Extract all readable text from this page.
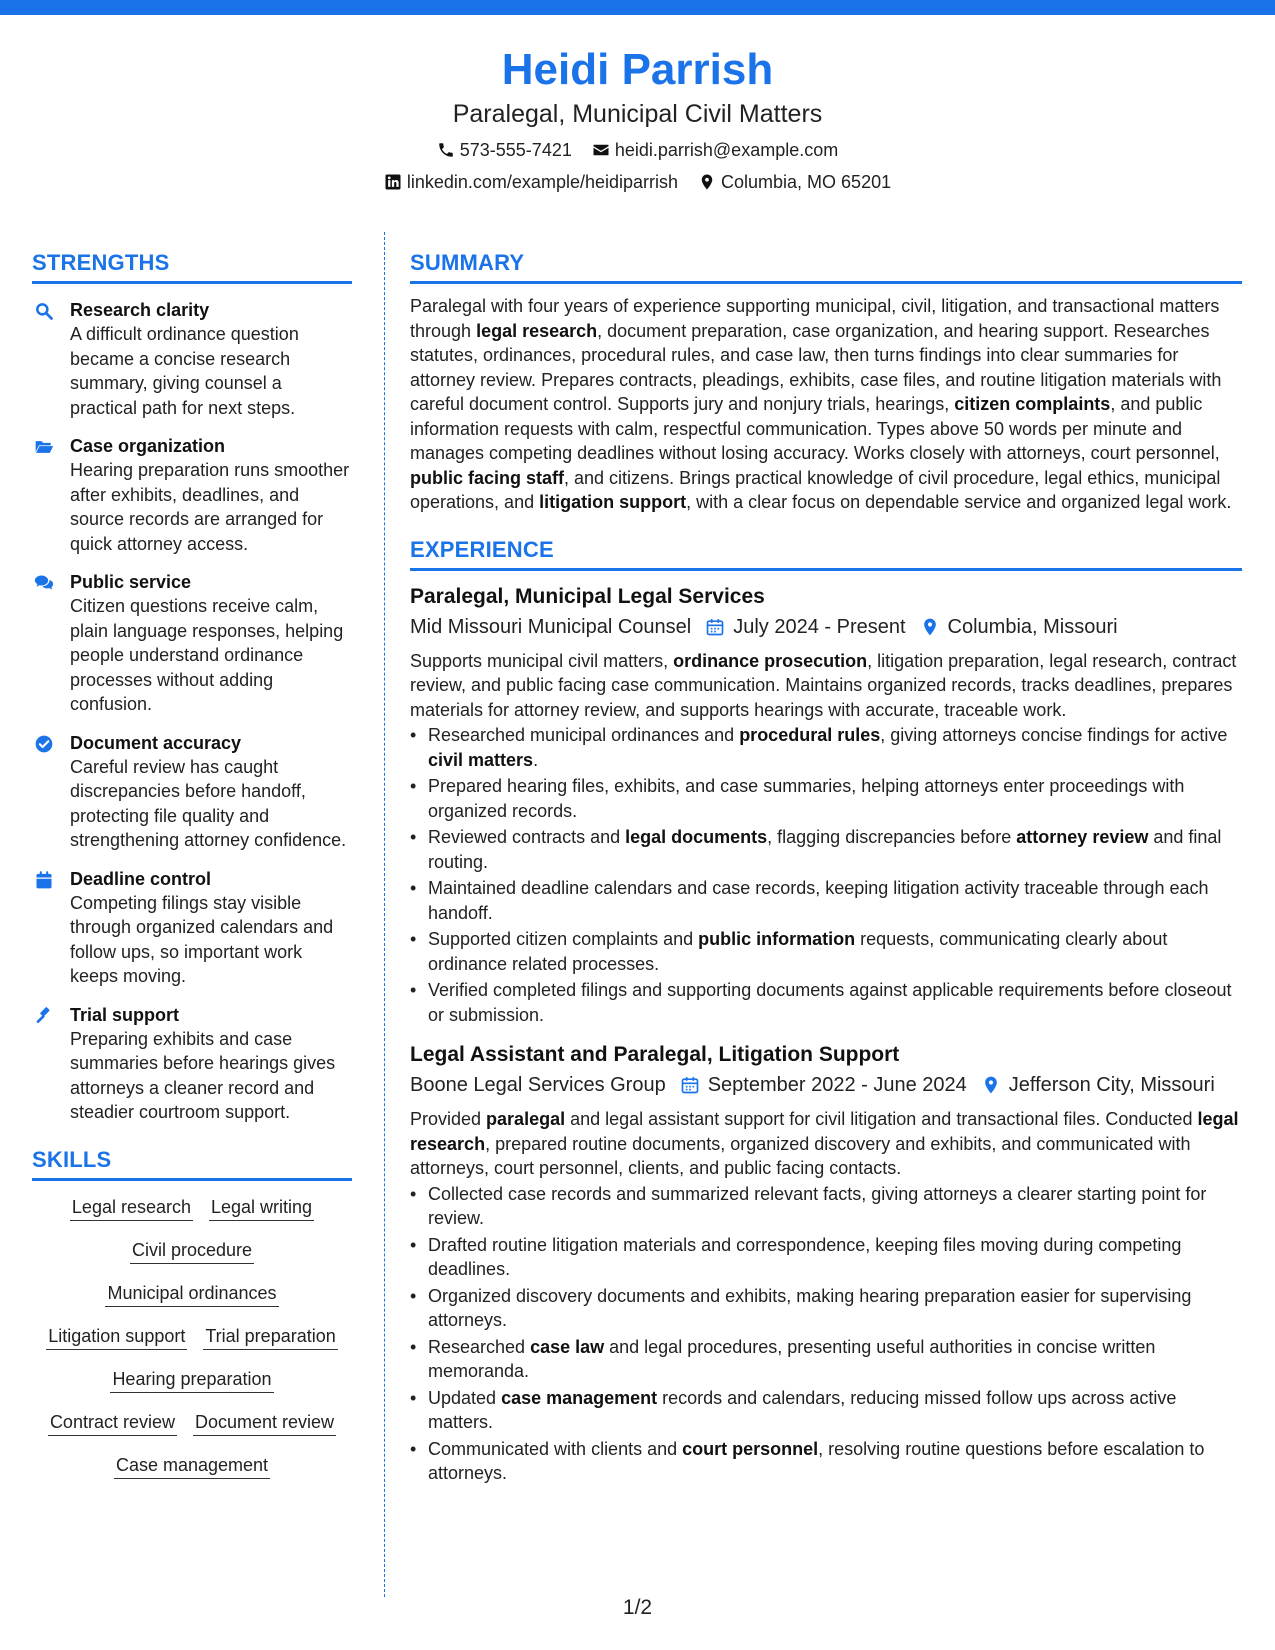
Heidi Parrish
Paralegal, Municipal Civil Matters
573-555-7421 heidi.parrish@example.com
linkedin.com/example/heidiparrish Columbia, MO 65201
STRENGTHS
Research clarity
A difficult ordinance question became a concise research summary, giving counsel a practical path for next steps.
Case organization
Hearing preparation runs smoother after exhibits, deadlines, and source records are arranged for quick attorney access.
Public service
Citizen questions receive calm, plain language responses, helping people understand ordinance processes without adding confusion.
Document accuracy
Careful review has caught discrepancies before handoff, protecting file quality and strengthening attorney confidence.
Deadline control
Competing filings stay visible through organized calendars and follow ups, so important work keeps moving.
Trial support
Preparing exhibits and case summaries before hearings gives attorneys a cleaner record and steadier courtroom support.
SKILLS
Legal research Legal writing
Civil procedure
Municipal ordinances
Litigation support Trial preparation
Hearing preparation
Contract review Document review
Case management
SUMMARY

Paralegal with four years of experience supporting municipal, civil, litigation, and transactional matters through legal research, document preparation, case organization, and hearing support. Researches statutes, ordinances, procedural rules, and case law, then turns findings into clear summaries for attorney review. Prepares contracts, pleadings, exhibits, case files, and routine litigation materials with careful document control. Supports jury and nonjury trials, hearings, citizen complaints, and public information requests with calm, respectful communication. Types above 50 words per minute and manages competing deadlines without losing accuracy. Works closely with attorneys, court personnel, public facing staff, and citizens. Brings practical knowledge of civil procedure, legal ethics, municipal operations, and litigation support, with a clear focus on dependable service and organized legal work.

EXPERIENCE
Paralegal, Municipal Legal Services
Mid Missouri Municipal Counsel July 2024 - Present Columbia, Missouri

Supports municipal civil matters, ordinance prosecution, litigation preparation, legal research, contract review, and public facing case communication. Maintains organized records, tracks deadlines, prepares materials for attorney review, and supports hearings with accurate, traceable work.

• Researched municipal ordinances and procedural rules, giving attorneys concise findings for active civil matters.
• Prepared hearing files, exhibits, and case summaries, helping attorneys enter proceedings with organized records.
• Reviewed contracts and legal documents, flagging discrepancies before attorney review and final routing.
• Maintained deadline calendars and case records, keeping litigation activity traceable through each handoff.
• Supported citizen complaints and public information requests, communicating clearly about ordinance related processes.
• Verified completed filings and supporting documents against applicable requirements before closeout or submission.
Legal Assistant and Paralegal, Litigation Support
Boone Legal Services Group September 2022 - June 2024 Jefferson City, Missouri

Provided paralegal and legal assistant support for civil litigation and transactional files. Conducted legal research, prepared routine documents, organized discovery and exhibits, and communicated with attorneys, court personnel, clients, and public facing contacts.

• Collected case records and summarized relevant facts, giving attorneys a clearer starting point for review.
• Drafted routine litigation materials and correspondence, keeping files moving during competing deadlines.
• Organized discovery documents and exhibits, making hearing preparation easier for supervising attorneys.
• Researched case law and legal procedures, presenting useful authorities in concise written memoranda.
• Updated case management records and calendars, reducing missed follow ups across active matters.
• Communicated with clients and court personnel, resolving routine questions before escalation to attorneys.
1/2
